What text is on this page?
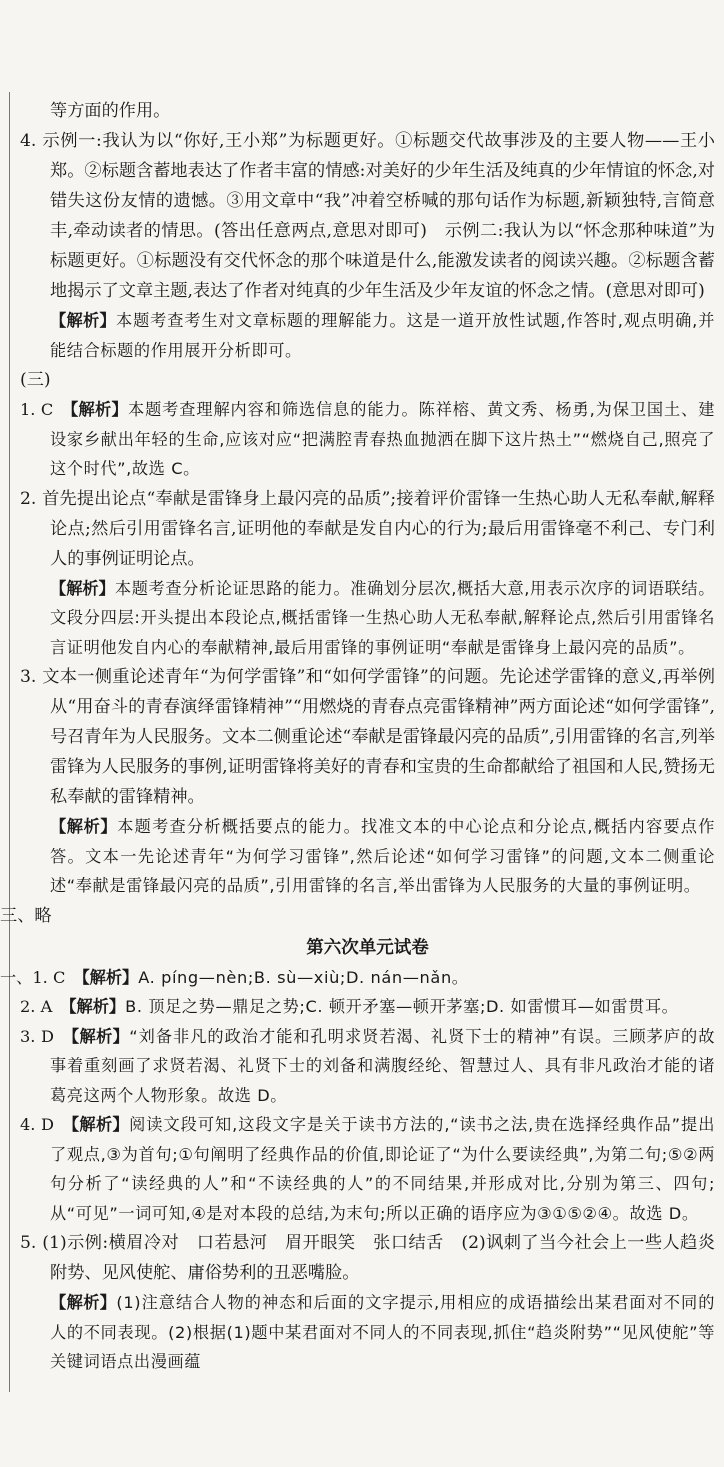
等方面的作用。

4. 示例一:我认为以“你好,王小郑”为标题更好。①标题交代故事涉及的主要人物——王小郑。②标题含蓄地表达了作者丰富的情感:对美好的少年生活及纯真的少年情谊的怀念,对错失这份友情的遗憾。③用文章中“我”冲着空桥喊的那句话作为标题,新颖独特,言简意丰,牵动读者的情思。(答出任意两点,意思对即可)　示例二:我认为以“怀念那种味道”为标题更好。①标题没有交代怀念的那个味道是什么,能激发读者的阅读兴趣。②标题含蓄地揭示了文章主题,表达了作者对纯真的少年生活及少年友谊的怀念之情。(意思对即可)

【解析】本题考查考生对文章标题的理解能力。这是一道开放性试题,作答时,观点明确,并能结合标题的作用展开分析即可。

(三)

1. C　【解析】本题考查理解内容和筛选信息的能力。陈祥榕、黄文秀、杨勇,为保卫国土、建设家乡献出年轻的生命,应该对应“把满腔青春热血抛洒在脚下这片热土”“燃烧自己,照亮了这个时代”,故选 C。

2. 首先提出论点“奉献是雷锋身上最闪亮的品质”;接着评价雷锋一生热心助人无私奉献,解释论点;然后引用雷锋名言,证明他的奉献是发自内心的行为;最后用雷锋毫不利己、专门利人的事例证明论点。

【解析】本题考查分析论证思路的能力。准确划分层次,概括大意,用表示次序的词语联结。文段分四层:开头提出本段论点,概括雷锋一生热心助人无私奉献,解释论点,然后引用雷锋名言证明他发自内心的奉献精神,最后用雷锋的事例证明“奉献是雷锋身上最闪亮的品质”。

3. 文本一侧重论述青年“为何学雷锋”和“如何学雷锋”的问题。先论述学雷锋的意义,再举例从“用奋斗的青春演绎雷锋精神”“用燃烧的青春点亮雷锋精神”两方面论述“如何学雷锋”,号召青年为人民服务。文本二侧重论述“奉献是雷锋最闪亮的品质”,引用雷锋的名言,列举雷锋为人民服务的事例,证明雷锋将美好的青春和宝贵的生命都献给了祖国和人民,赞扬无私奉献的雷锋精神。

【解析】本题考查分析概括要点的能力。找准文本的中心论点和分论点,概括内容要点作答。文本一先论述青年“为何学习雷锋”,然后论述“如何学习雷锋”的问题,文本二侧重论述“奉献是雷锋最闪亮的品质”,引用雷锋的名言,举出雷锋为人民服务的大量的事例证明。

三、略

第六次单元试卷

一、1. C　【解析】A. píng—nèn;B. sù—xiù;D. nán—nǎn。

2. A　【解析】B. 顶足之势—鼎足之势;C. 顿开矛塞—顿开茅塞;D. 如雷惯耳—如雷贯耳。

3. D　【解析】“刘备非凡的政治才能和孔明求贤若渴、礼贤下士的精神”有误。三顾茅庐的故事着重刻画了求贤若渴、礼贤下士的刘备和满腹经纶、智慧过人、具有非凡政治才能的诸葛亮这两个人物形象。故选 D。

4. D　【解析】阅读文段可知,这段文字是关于读书方法的,“读书之法,贵在选择经典作品”提出了观点,③为首句;①句阐明了经典作品的价值,即论证了“为什么要读经典”,为第二句;⑤②两句分析了“读经典的人”和“不读经典的人”的不同结果,并形成对比,分别为第三、四句;从“可见”一词可知,④是对本段的总结,为末句;所以正确的语序应为③①⑤②④。故选 D。

5. (1)示例:横眉冷对　口若悬河　眉开眼笑　张口结舌　(2)讽刺了当今社会上一些人趋炎附势、见风使舵、庸俗势利的丑恶嘴脸。

【解析】(1)注意结合人物的神态和后面的文字提示,用相应的成语描绘出某君面对不同的人的不同表现。(2)根据(1)题中某君面对不同人的不同表现,抓住“趋炎附势”“见风使舵”等关键词语点出漫画蕴
